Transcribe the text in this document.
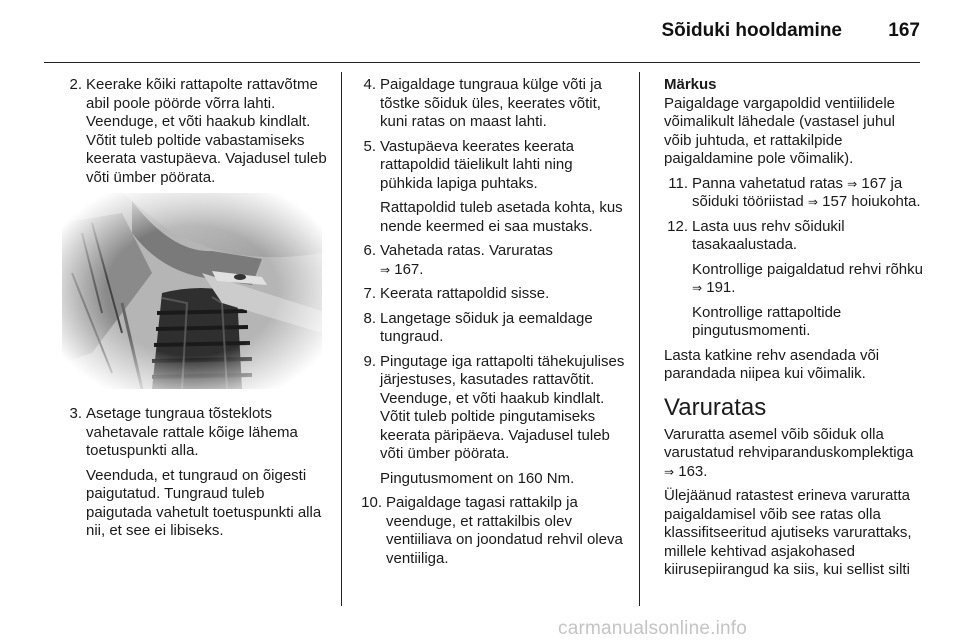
Sõiduki hooldamine 167
2. Keerake kõiki rattapolte rattavõtme abil poole pöörde võrra lahti. Veenduge, et võti haakub kindlalt. Võtit tuleb poltide vabastamiseks keerata vastupäeva. Vajadusel tuleb võti ümber pöörata.

3. Asetage tungraua tõsteklots vahetavale rattale kõige lähema toetuspunkti alla.

Veenduda, et tungraud on õigesti paigutatud. Tungraud tuleb paigutada vahetult toetuspunkti alla nii, et see ei libiseks.

4. Paigaldage tungraua külge võti ja tõstke sõiduk üles, keerates võtit, kuni ratas on maast lahti.

5. Vastupäeva keerates keerata rattapoldid täielikult lahti ning pühkida lapiga puhtaks.

Rattapoldid tuleb asetada kohta, kus nende keermed ei saa mustaks.

6. Vahetada ratas. Varuratas
⇒ 167.

7. Keerata rattapoldid sisse.

8. Langetage sõiduk ja eemaldage tungraud.

9. Pingutage iga rattapolti tähekujulises järjestuses, kasutades rattavõtit. Veenduge, et võti haakub kindlalt. Võtit tuleb poltide pingutamiseks keerata päripäeva. Vajadusel tuleb võti ümber pöörata.

Pingutusmoment on 160 Nm.

10. Paigaldage tagasi rattakilp ja veenduge, et rattakilbis olev ventiiliava on joondatud rehvil oleva ventiiliga.

Märkus

Paigaldage vargapoldid ventiilidele võimalikult lähedale (vastasel juhul võib juhtuda, et rattakilpide paigaldamine pole võimalik).

11. Panna vahetatud ratas ⇒ 167 ja sõiduki tööriistad ⇒ 157 hoiukohta.

12. Lasta uus rehv sõidukil tasakaalustada.

Kontrollige paigaldatud rehvi rõhku ⇒ 191.

Kontrollige rattapoltide pingutusmomenti.

Lasta katkine rehv asendada või parandada niipea kui võimalik.

Varuratas

Varuratta asemel võib sõiduk olla varustatud rehviparanduskomplektiga ⇒ 163.

Ülejäänud ratastest erineva varuratta paigaldamisel võib see ratas olla klassifitseeritud ajutiseks varurattaks, millele kehtivad asjakohased kiirusepiirangud ka siis, kui sellist silti

carmanualsonline.info
